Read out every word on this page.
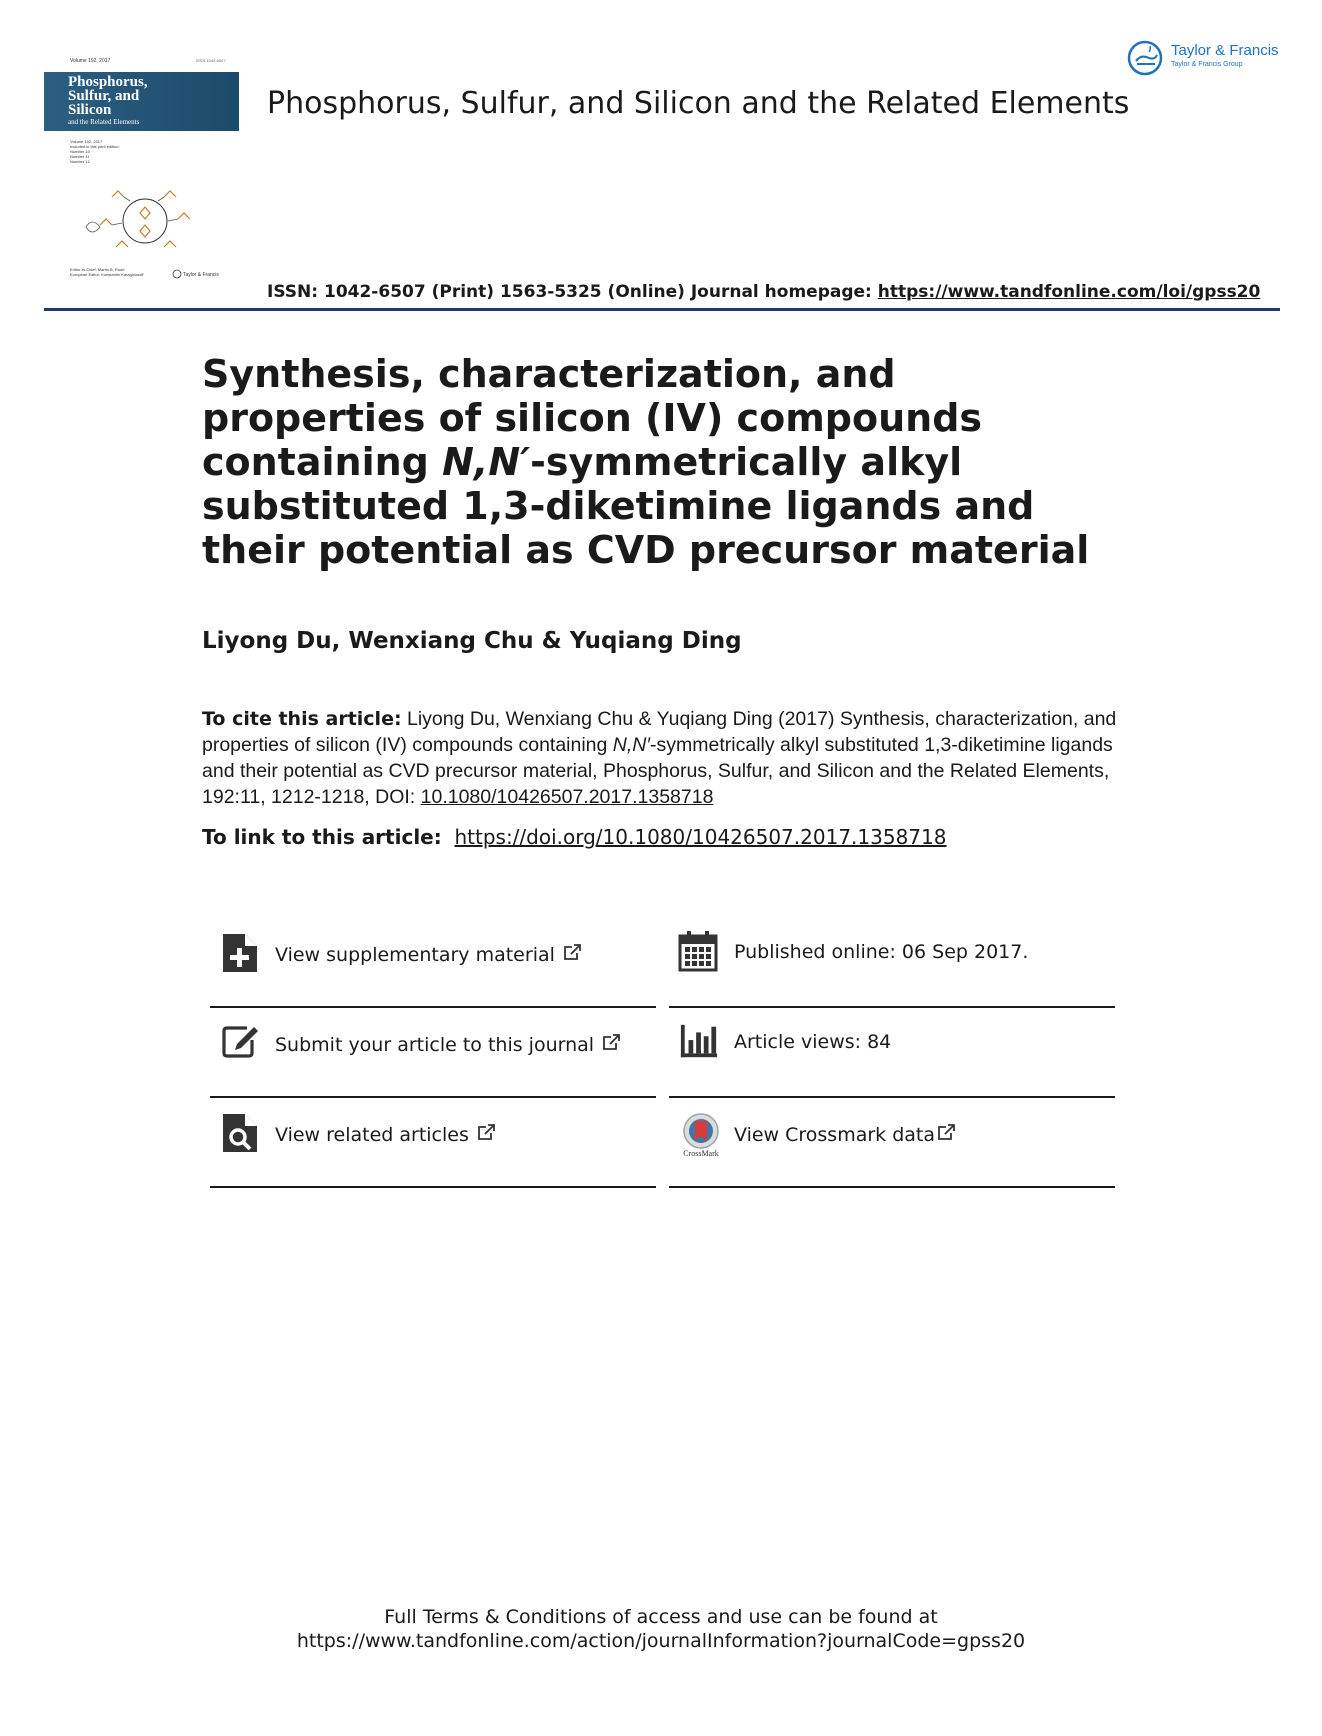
Volume 192, 2017	ISSN 1042-6507
Phosphorus,
Sulfur, and
Silicon
and the Related Elements
Volume 192, 2017
Included in this print edition:
Number 10
Number 11
Number 12
Editor-in-Chief: Martin B. Rudd
European Editor: Konstantin Karaghiosoff	Taylor & Francis
Phosphorus, Sulfur, and Silicon and the Related Elements
Taylor & Francis
Taylor & Francis Group
ISSN: 1042-6507 (Print) 1563-5325 (Online) Journal homepage: https://www.tandfonline.com/loi/gpss20
Synthesis, characterization, and properties of silicon (IV) compounds containing N,N′-symmetrically alkyl substituted 1,3-diketimine ligands and their potential as CVD precursor material
Liyong Du, Wenxiang Chu & Yuqiang Ding
To cite this article: Liyong Du, Wenxiang Chu & Yuqiang Ding (2017) Synthesis, characterization, and properties of silicon (IV) compounds containing N,N′-symmetrically alkyl substituted 1,3-diketimine ligands and their potential as CVD precursor material, Phosphorus, Sulfur, and Silicon and the Related Elements, 192:11, 1212-1218, DOI: 10.1080/10426507.2017.1358718
To link to this article: https://doi.org/10.1080/10426507.2017.1358718
View supplementary material	Published online: 06 Sep 2017.
Submit your article to this journal	Article views: 84
View related articles
CrossMark
View Crossmark data
Full Terms & Conditions of access and use can be found at
https://www.tandfonline.com/action/journalInformation?journalCode=gpss20
